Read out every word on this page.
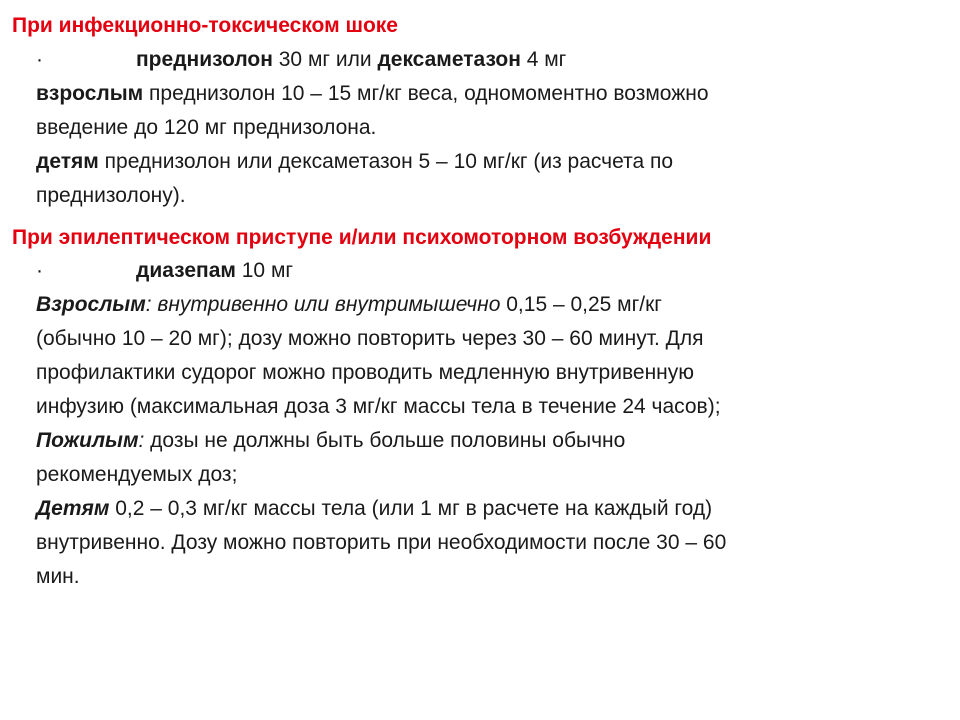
При инфекционно-токсическом шоке
·	преднизолон 30 мг или дексаметазон 4 мг
взрослым преднизолон 10 – 15 мг/кг веса, одномоментно возможно
введение до 120 мг преднизолона.
детям преднизолон или дексаметазон 5 – 10 мг/кг (из расчета по
преднизолону).
При эпилептическом приступе и/или психомоторном возбуждении
·	диазепам 10 мг
Взрослым: внутривенно или внутримышечно 0,15 – 0,25 мг/кг
(обычно 10 – 20 мг); дозу можно повторить через 30 – 60 минут. Для
профилактики судорог можно проводить медленную внутривенную
инфузию (максимальная доза 3 мг/кг массы тела в течение 24 часов);
Пожилым: дозы не должны быть больше половины обычно
рекомендуемых доз;
Детям 0,2 – 0,3 мг/кг массы тела (или 1 мг в расчете на каждый год)
внутривенно. Дозу можно повторить при необходимости после 30 – 60
мин.
